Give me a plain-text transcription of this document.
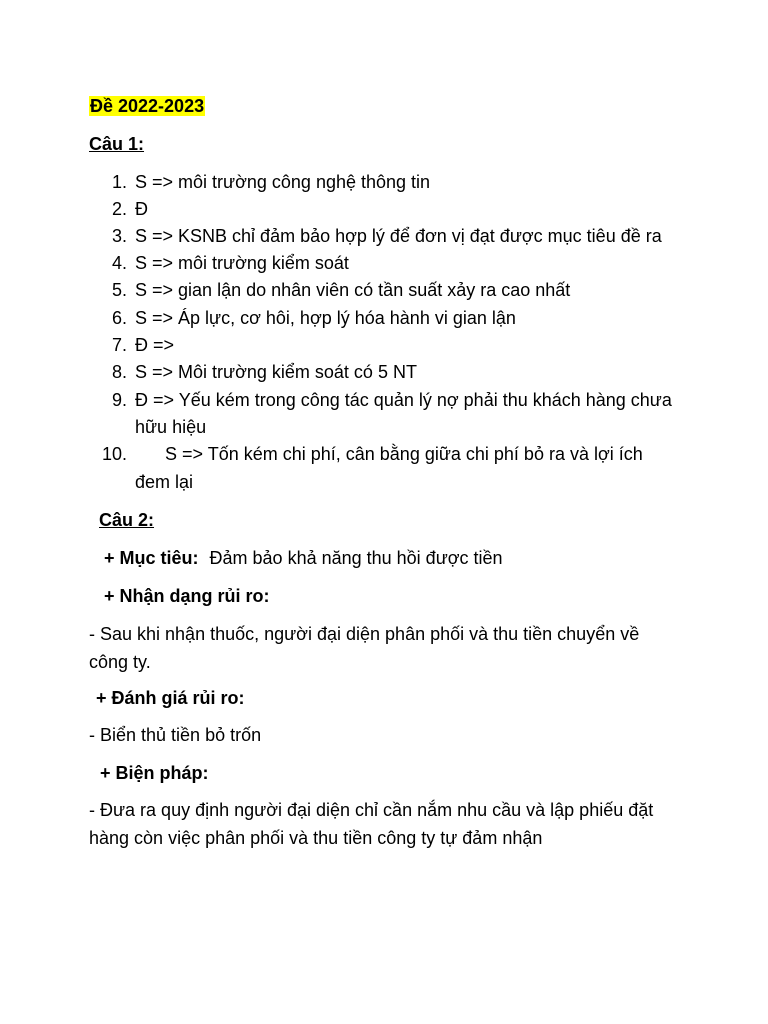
Đề 2022-2023
Câu 1:
1. S => môi trường công nghệ thông tin
2. Đ
3. S => KSNB chỉ đảm bảo hợp lý để đơn vị đạt được mục tiêu đề ra
4. S => môi trường kiểm soát
5. S => gian lận do nhân viên có tần suất xảy ra cao nhất
6. S => Áp lực, cơ hôi, hợp lý hóa hành vi gian lận
7. Đ =>
8. S => Môi trường kiểm soát có 5 NT
9. Đ => Yếu kém trong công tác quản lý nợ phải thu khách hàng chưa
hữu hiệu
10. S => Tốn kém chi phí, cân bằng giữa chi phí bỏ ra và lợi ích
đem lại
Câu 2:
+ Mục tiêu: Đảm bảo khả năng thu hồi được tiền
+ Nhận dạng rủi ro:
- Sau khi nhận thuốc, người đại diện phân phối và thu tiền chuyển về
công ty.
+ Đánh giá rủi ro:
- Biển thủ tiền bỏ trốn
+ Biện pháp:
- Đưa ra quy định người đại diện chỉ cần nắm nhu cầu và lập phiếu đặt
hàng còn việc phân phối và thu tiền công ty tự đảm nhận
